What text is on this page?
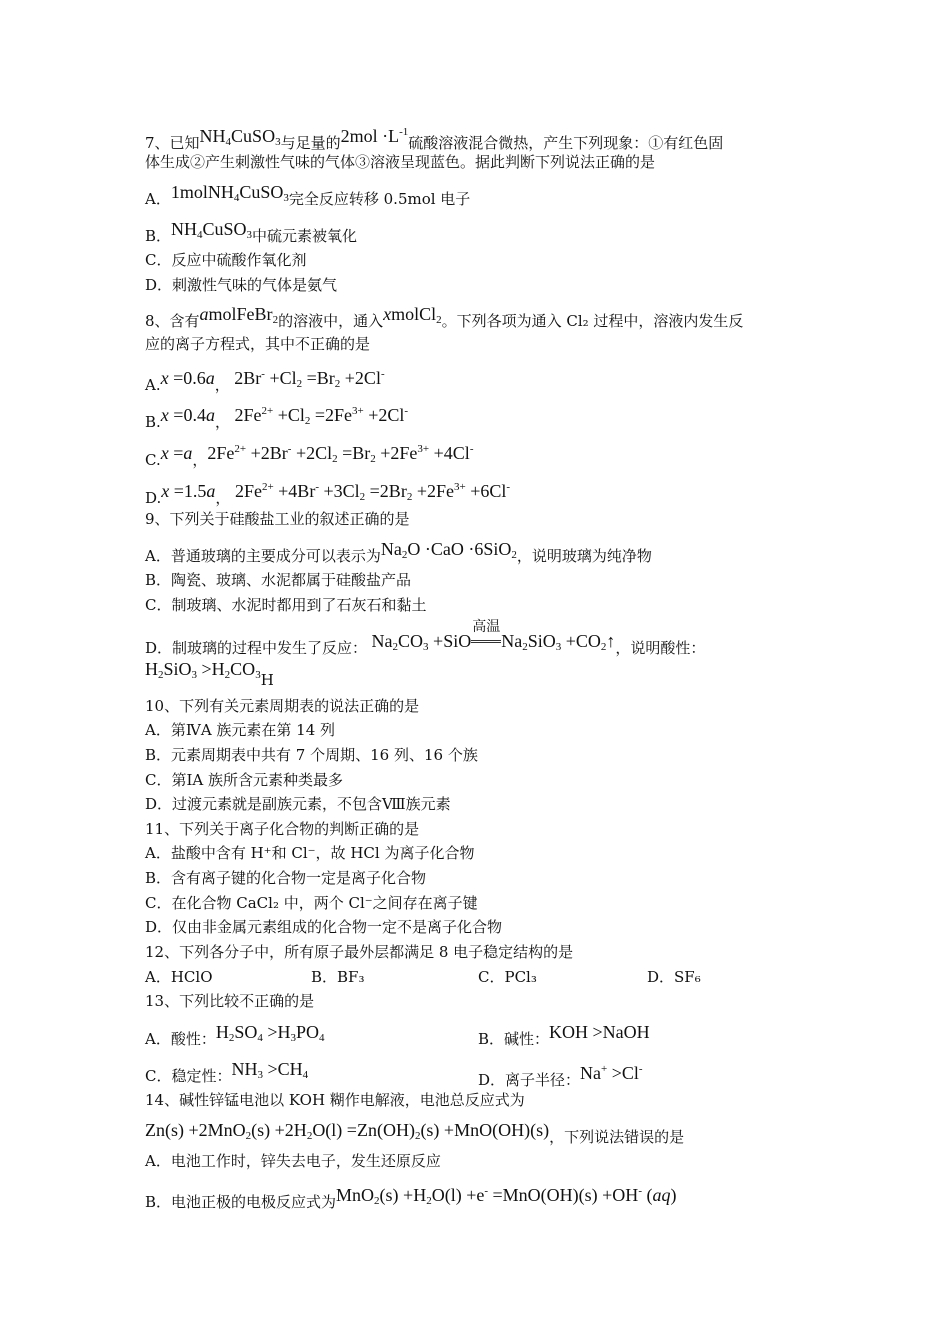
7、已知$NH_4CuSO_3$与足量的$2mol \cdot L^{-1}$硫酸溶液混合微热，产生下列现象：①有红色固
体生成②产生刺激性气味的气体③溶液呈现蓝色。据此判断下列说法正确的是
A．1molNH$_4$CuSO$_3$完全反应转移 0.5mol 电子
B．$NH_4CuSO_3$中硫元素被氧化
C．反应中硫酸作氧化剂
D．刺激性气味的气体是氨气
8、含有amolFeBr$_2$的溶液中，通入xmolCl$_2$。下列各项为通入 Cl₂ 过程中，溶液内发生反
应的离子方程式，其中不正确的是
A.x =0.6a， $2Br^- +Cl_2 =Br_2 +2Cl^-$
B.x =0.4a， $2Fe^{2+} +Cl_2 =2Fe^{3+} +2Cl^-$
C.x =a，$2Fe^{2+} +2Br^- +2Cl_2 =Br_2 +2Fe^{3+} +4Cl^-$
D.x =1.5a， $2Fe^{2+} +4Br^- +3Cl_2 =2Br_2 +2Fe^{3+} +6Cl^-$
9、下列关于硅酸盐工业的叙述正确的是
A．普通玻璃的主要成分可以表示为$Na_2O \cdot CaO \cdot 6SiO_2$，说明玻璃为纯净物
B．陶瓷、玻璃、水泥都属于硅酸盐产品
C．制玻璃、水泥时都用到了石灰石和黏土
D．制玻璃的过程中发生了反应： $Na_2CO_3 +SiO$
高温
$Na_2SiO_3$ $+CO_2↑$，说明酸性：
$H_2SiO_3 >H_2CO_3H$
10、下列有关元素周期表的说法正确的是
A．第ⅣA 族元素在第 14 列
B．元素周期表中共有 7 个周期、16 列、16 个族
C．第ⅠA 族所含元素种类最多
D．过渡元素就是副族元素，不包含Ⅷ族元素
11、下列关于离子化合物的判断正确的是
A．盐酸中含有 H⁺和 Cl⁻，故 HCl 为离子化合物
B．含有离子键的化合物一定是离子化合物
C．在化合物 CaCl₂ 中，两个 Cl⁻之间存在离子键
D．仅由非金属元素组成的化合物一定不是离子化合物
12、下列各分子中，所有原子最外层都满足 8 电子稳定结构的是
A．HClO	B．BF₃	C．PCl₃	D．SF₆
13、下列比较不正确的是
A．酸性：$H_2SO_4 >H_3PO_4$	B．碱性：KOH >NaOH
C．稳定性：$NH_3 >CH_4$	D．离子半径：Na+ >Cl-
14、碱性锌锰电池以 KOH 糊作电解液，电池总反应式为
$Zn(s) +2MnO_2(s) +2H_2O(l) =Zn(OH)_2(s) +MnO(OH)(s)$，下列说法错误的是
A．电池工作时，锌失去电子，发生还原反应
B．电池正极的电极反应式为$MnO_2(s) +H_2O(l) +e^- =MnO(OH)(s) +OH^-$ (aq)
